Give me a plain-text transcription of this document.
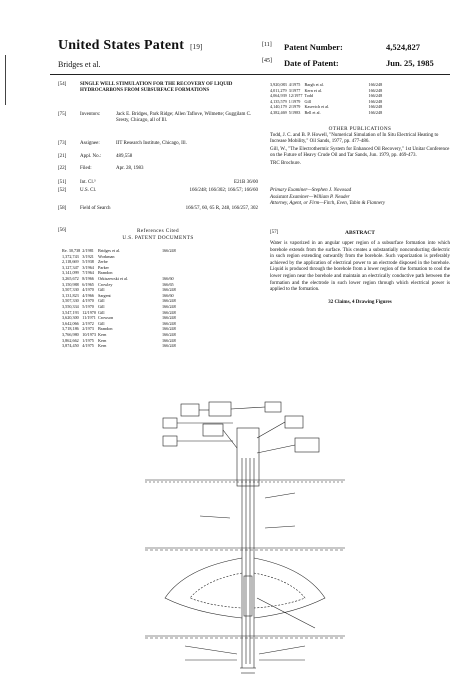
United States Patent [19]
Bridges et al.
[11]	Patent Number:	4,524,827
[45]	Date of Patent:	Jun. 25, 1985
[54]	SINGLE WELL STIMULATION FOR THE RECOVERY OF LIQUID HYDROCARBONS FROM SUBSURFACE FORMATIONS
[75]	Inventors:	Jack E. Bridges, Park Ridge; Allen Taflove, Wilmette; Guggilam C. Sresty, Chicago, all of Ill.
[73]	Assignee:	IIT Research Institute, Chicago, Ill.
[21]	Appl. No.:	489,558
[22]	Filed:	Apr. 28, 1983
[51]	Int. Cl.³	E21B 36/00
[52]	U.S. Cl.	166/248; 166/302; 166/57; 166/60
[58]	Field of Search	166/57, 60, 65 R, 248, 166/257, 302
[56]	References Cited
U.S. PATENT DOCUMENTS
Re. 30,738	2/1981	Bridges et al.	166/248
1,372,743	3/1921	Workman	
2,118,669	5/1938	Zerbe	
3,127,347	3/1964	Parker	
3,141,099	7/1964	Brandon	
3,265,672	8/1966	Orkiszewski et al.	166/60
3,150,988	6/1965	Crowley	166/65
3,507,330	4/1970	Gill	166/248
3,131,823	4/1966	Sargent	166/60
3,507,330	4/1970	Gill	166/248
3,550,334	5/1970	Gill	166/248
3,547,193	12/1970	Gill	166/248
3,620,300	11/1971	Crowson	166/248
3,642,066	2/1972	Gill	166/248
3,718,186	2/1973	Brandon	166/248
3,766,980	10/1973	Kern	166/248
3,862,662	1/1975	Kern	166/248
3,874,450	4/1975	Kern	166/248
3,920,083	4/1975	Bargh et al.	166/248
4,011,279	3/1977	Kern et al.	166/248
4,064,939	12/1977	Todd	166/248
4,135,579	1/1979	Gill	166/248
4,140,179	2/1979	Kasevich et al.	166/248
4,382,469	5/1983	Bell et al.	166/248
OTHER PUBLICATIONS
Todd, J. C. and B. P. Howell, "Numerical Simulation of In Situ Electrical Heating to Increase Mobility," Oil Sands, 1977, pp. 477-486.
Gill, W., "The Electrothermic System for Enhanced Oil Recovery," 1st Unitar Conference on the Future of Heavy Crude Oil and Tar Sands, Jun. 1979, pp. 469-473.
TRC Brochure.
Primary Examiner—Stephen J. Novosad
Assistant Examiner—William P. Neuder
Attorney, Agent, or Firm—Fitch, Even, Tabin & Flannery
[57]	ABSTRACT
Water is vaporized in an angular upper region of a subsurface formation into which borehole extends from the surface. This creates a substantially nonconducting dielectric in such region extending outwardly from the borehole. Such vaporization is preferably achieved by the application of electrical power to an electrode disposed in the borehole. Liquid is produced through the borehole from a lower region of the formation to cool the lower region near the borehole and maintain an electrically conductive path between the formation and the electrode in such lower region through which electrical power is applied to the formation.
32 Claims, 4 Drawing Figures
